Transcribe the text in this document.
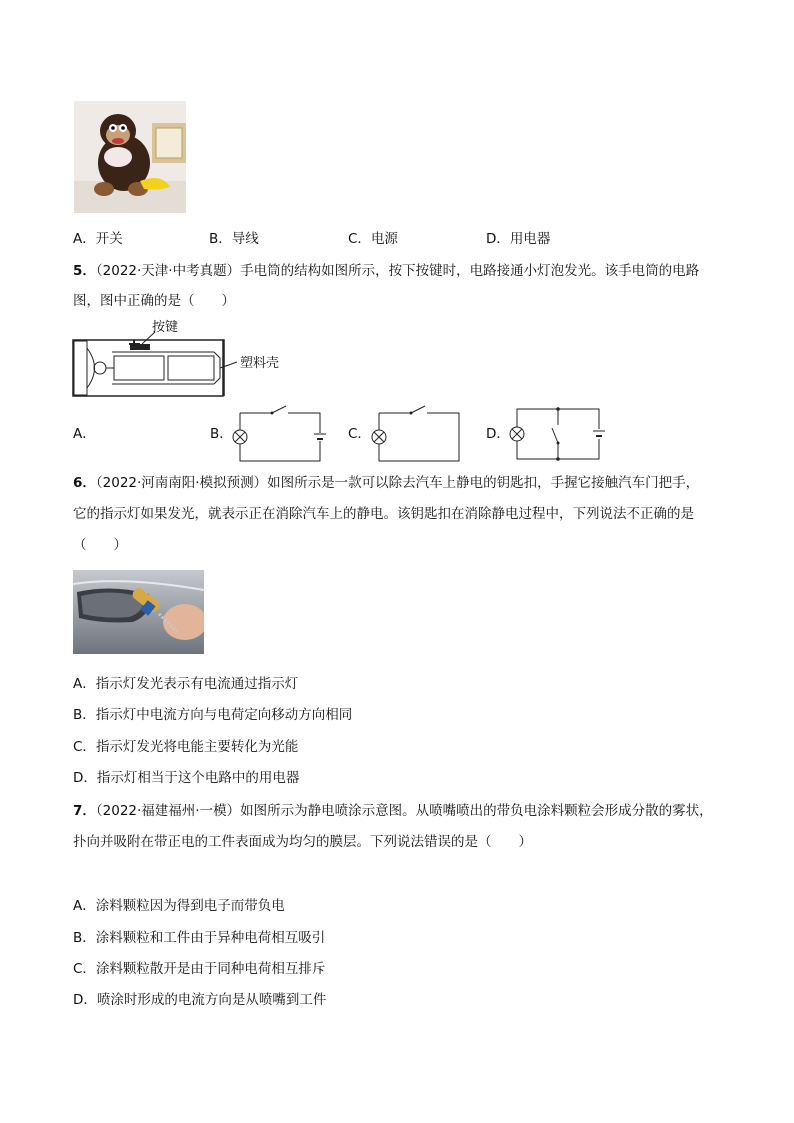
A．开关	B．导线	C．电源	D．用电器
5．（2022·天津·中考真题）手电筒的结构如图所示，按下按键时，电路接通小灯泡发光。该手电筒的电路
图，图中正确的是（　　）
按键
塑料壳
A．	B．	C．	D．
6．（2022·河南南阳·模拟预测）如图所示是一款可以除去汽车上静电的钥匙扣，手握它接触汽车门把手，
它的指示灯如果发光，就表示正在消除汽车上的静电。该钥匙扣在消除静电过程中，下列说法不正确的是
（　　）
A．指示灯发光表示有电流通过指示灯
B．指示灯中电流方向与电荷定向移动方向相同
C．指示灯发光将电能主要转化为光能
D．指示灯相当于这个电路中的用电器
7．（2022·福建福州·一模）如图所示为静电喷涂示意图。从喷嘴喷出的带负电涂料颗粒会形成分散的雾状，
扑向并吸附在带正电的工件表面成为均匀的膜层。下列说法错误的是（　　）
A．涂料颗粒因为得到电子而带负电
B．涂料颗粒和工件由于异种电荷相互吸引
C．涂料颗粒散开是由于同种电荷相互排斥
D．喷涂时形成的电流方向是从喷嘴到工件
